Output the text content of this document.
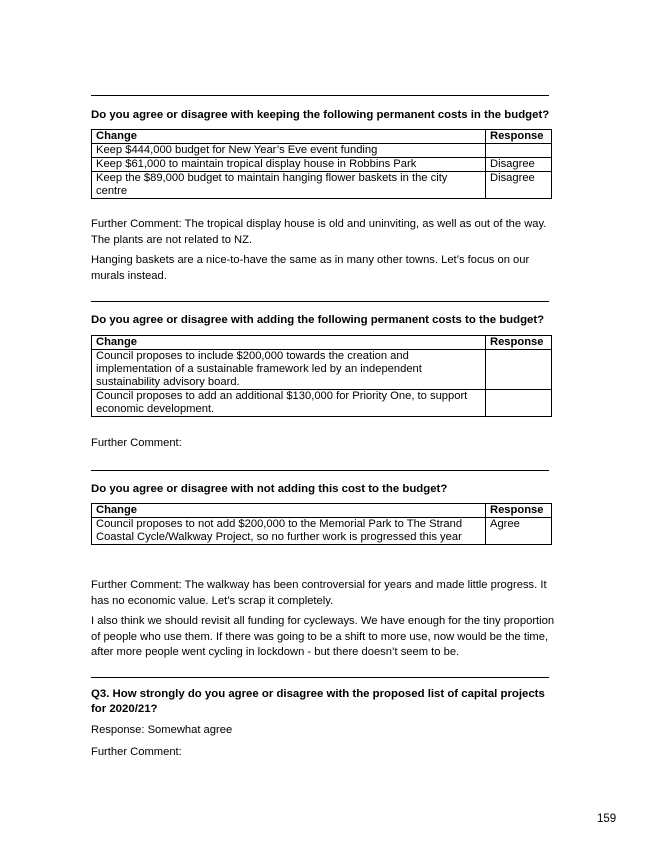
Do you agree or disagree with keeping the following permanent costs in the budget?
Change	Response
Keep $444,000 budget for New Year’s Eve event funding	
Keep $61,000 to maintain tropical display house in Robbins Park	Disagree
Keep the $89,000 budget to maintain hanging flower baskets in the city centre	Disagree
Further Comment: The tropical display house is old and uninviting, as well as out of the way. The plants are not related to NZ.
Hanging baskets are a nice-to-have the same as in many other towns. Let’s focus on our murals instead.
Do you agree or disagree with adding the following permanent costs to the budget?
Change	Response
Council proposes to include $200,000 towards the creation and implementation of a sustainable framework led by an independent sustainability advisory board.	
Council proposes to add an additional $130,000 for Priority One, to support economic development.	
Further Comment:
Do you agree or disagree with not adding this cost to the budget?
Change	Response
Council proposes to not add $200,000 to the Memorial Park to The Strand Coastal Cycle/Walkway Project, so no further work is progressed this year	Agree
Further Comment: The walkway has been controversial for years and made little progress. It has no economic value. Let’s scrap it completely.
I also think we should revisit all funding for cycleways. We have enough for the tiny proportion of people who use them. If there was going to be a shift to more use, now would be the time, after more people went cycling in lockdown - but there doesn’t seem to be.
Q3. How strongly do you agree or disagree with the proposed list of capital projects for 2020/21?
Response: Somewhat agree
Further Comment:
159
